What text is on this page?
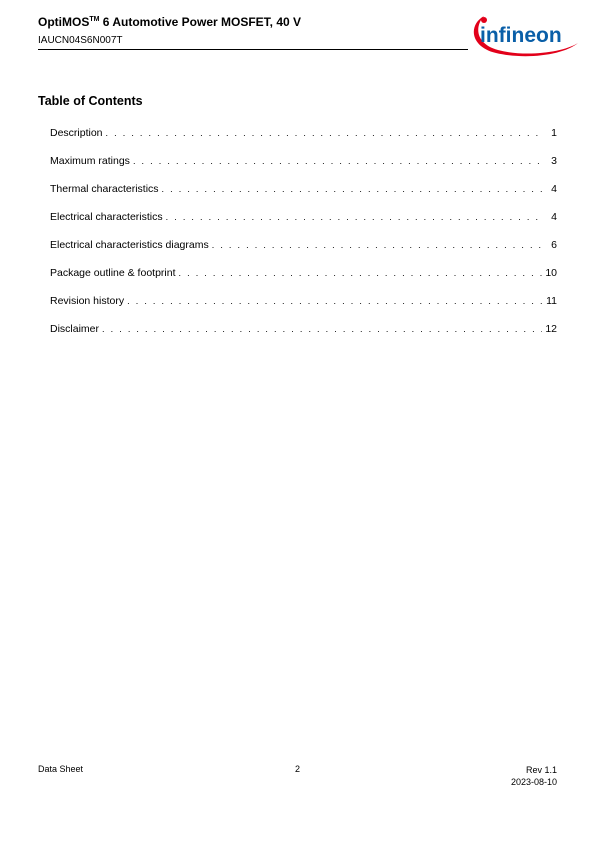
OptiMOS™ 6 Automotive Power MOSFET, 40 V
IAUCN04S6N007T	infineon
Table of Contents
Description . . .	1
Maximum ratings . . .	3
Thermal characteristics . . .	4
Electrical characteristics . . .	4
Electrical characteristics diagrams . . .	6
Package outline & footprint . . .	10
Revision history . . .	11
Disclaimer . . .	12
Data Sheet	2	Rev 1.1
2023-08-10
